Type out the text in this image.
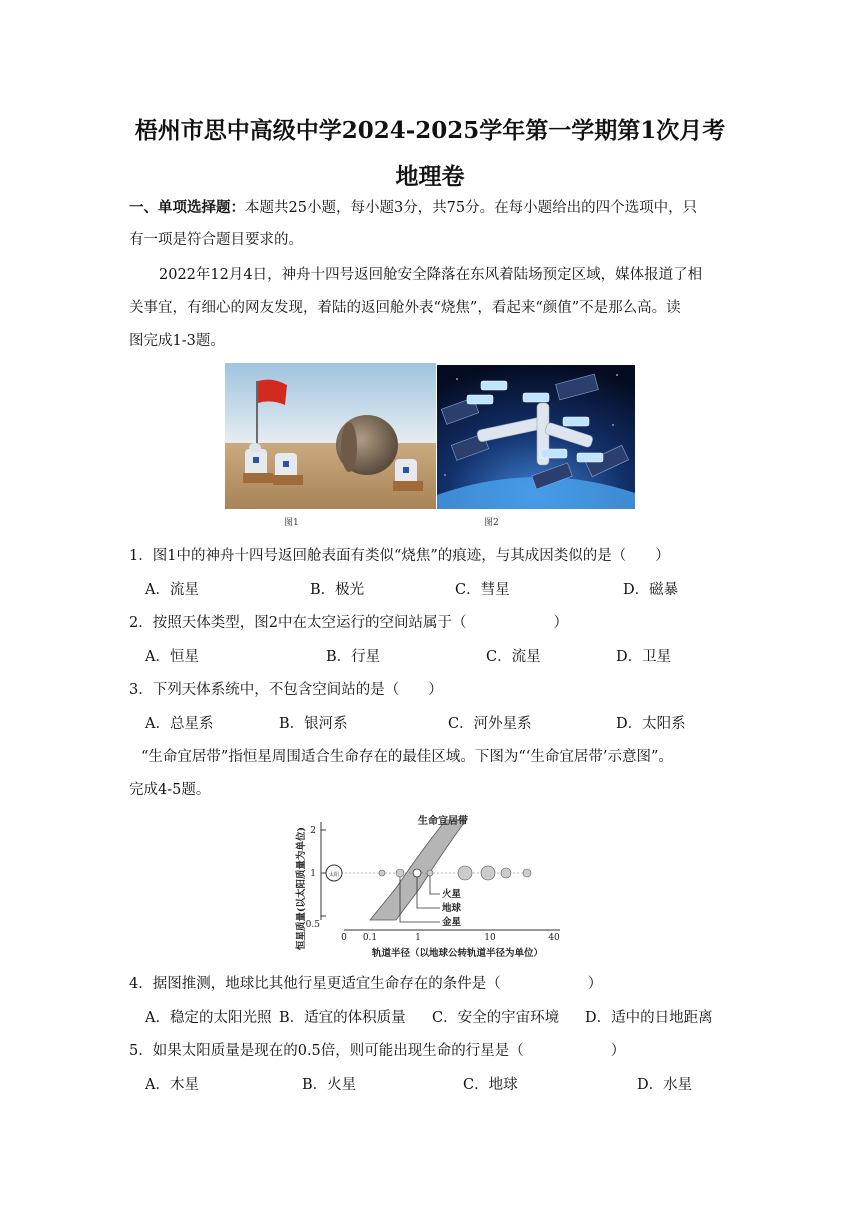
梧州市思中高级中学2024-2025学年第一学期第1次月考
地理卷
一、单项选择题：本题共25小题，每小题3分，共75分。在每小题给出的四个选项中，只
有一项是符合题目要求的。
2022年12月4日，神舟十四号返回舱安全降落在东风着陆场预定区域，媒体报道了相
关事宜，有细心的网友发现，着陆的返回舱外表“烧焦”，看起来“颜值”不是那么高。读
图完成1-3题。
图1	图2
1．图1中的神舟十四号返回舱表面有类似“烧焦”的痕迹，与其成因类似的是（　　）
A．流星	B．极光	C．彗星	D．磁暴
2．按照天体类型，图2中在太空运行的空间站属于（　　　　　　）
A．恒星	B．行星	C．流星	D．卫星
3．下列天体系统中，不包含空间站的是（　　）
A．总星系	B．银河系	C．河外星系	D．太阳系
“生命宜居带”指恒星周围适合生命存在的最佳区域。下图为“‘生命宜居带’示意图”。
完成4-5题。
恒星质量(以太阳质量为单位) 2
1
0.5
0 0.1	1	10	40
轨道半径（以地球公转轨道半径为单位）
生命宜居带
太阳
火星
地球
金星
4．据图推测，地球比其他行星更适宜生命存在的条件是（　　　　　　）
A．稳定的太阳光照 B．适宜的体积质量 C．安全的宇宙环境 D．适中的日地距离
5．如果太阳质量是现在的0.5倍，则可能出现生命的行星是（　　　　　　）
A．木星	B．火星	C．地球	D．水星
